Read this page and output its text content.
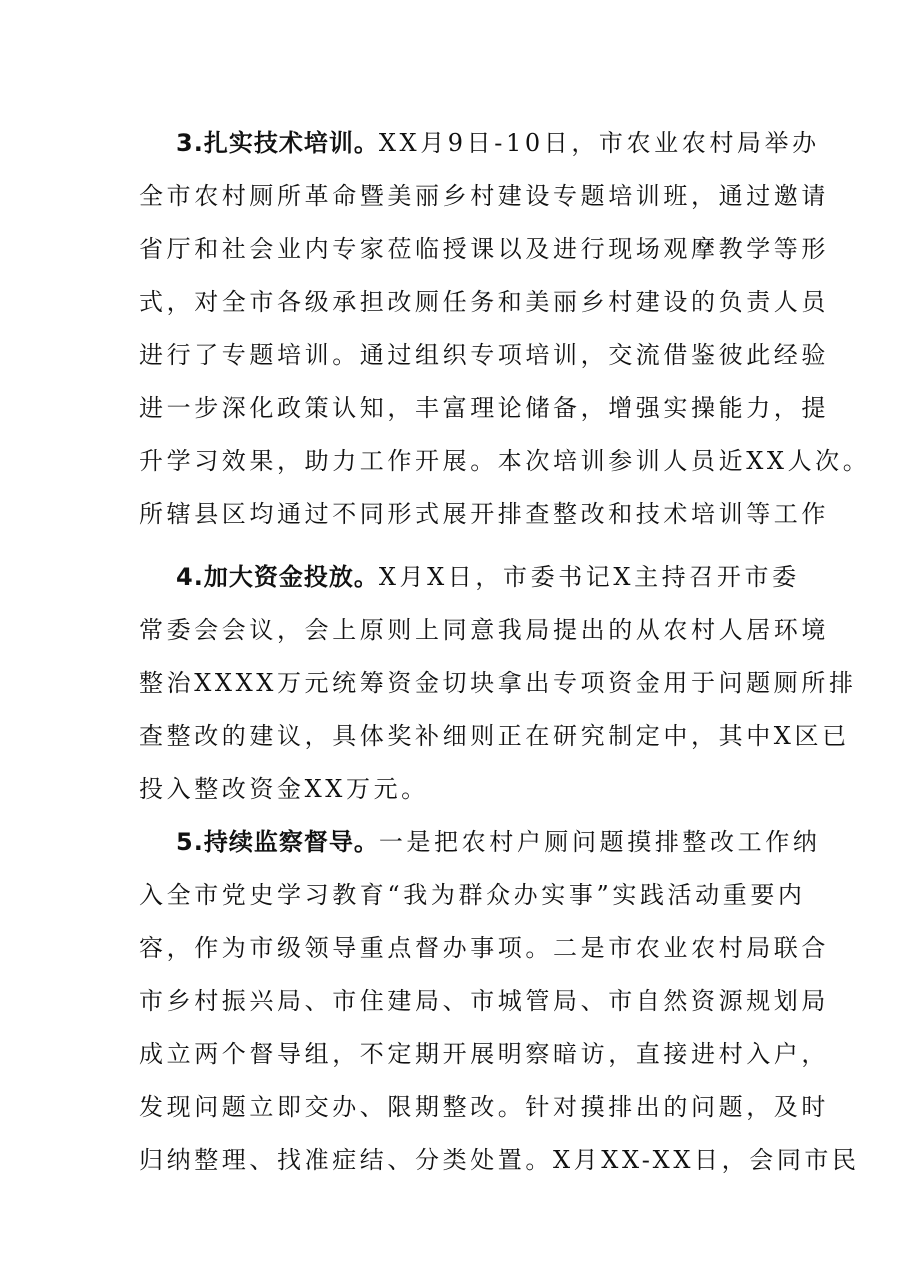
3.扎实技术培训。XX月9日-10日，市农业农村局举办
全市农村厕所革命暨美丽乡村建设专题培训班，通过邀请
省厅和社会业内专家莅临授课以及进行现场观摩教学等形
式，对全市各级承担改厕任务和美丽乡村建设的负责人员
进行了专题培训。通过组织专项培训，交流借鉴彼此经验
进一步深化政策认知，丰富理论储备，增强实操能力，提
升学习效果，助力工作开展。本次培训参训人员近XX人次。
所辖县区均通过不同形式展开排查整改和技术培训等工作
4.加大资金投放。X月X日，市委书记X主持召开市委
常委会会议，会上原则上同意我局提出的从农村人居环境
整治XXXX万元统筹资金切块拿出专项资金用于问题厕所排
查整改的建议，具体奖补细则正在研究制定中，其中X区已
投入整改资金XX万元。
5.持续监察督导。一是把农村户厕问题摸排整改工作纳
入全市党史学习教育“我为群众办实事”实践活动重要内
容，作为市级领导重点督办事项。二是市农业农村局联合
市乡村振兴局、市住建局、市城管局、市自然资源规划局
成立两个督导组，不定期开展明察暗访，直接进村入户，
发现问题立即交办、限期整改。针对摸排出的问题，及时
归纳整理、找准症结、分类处置。X月XX-XX日，会同市民
